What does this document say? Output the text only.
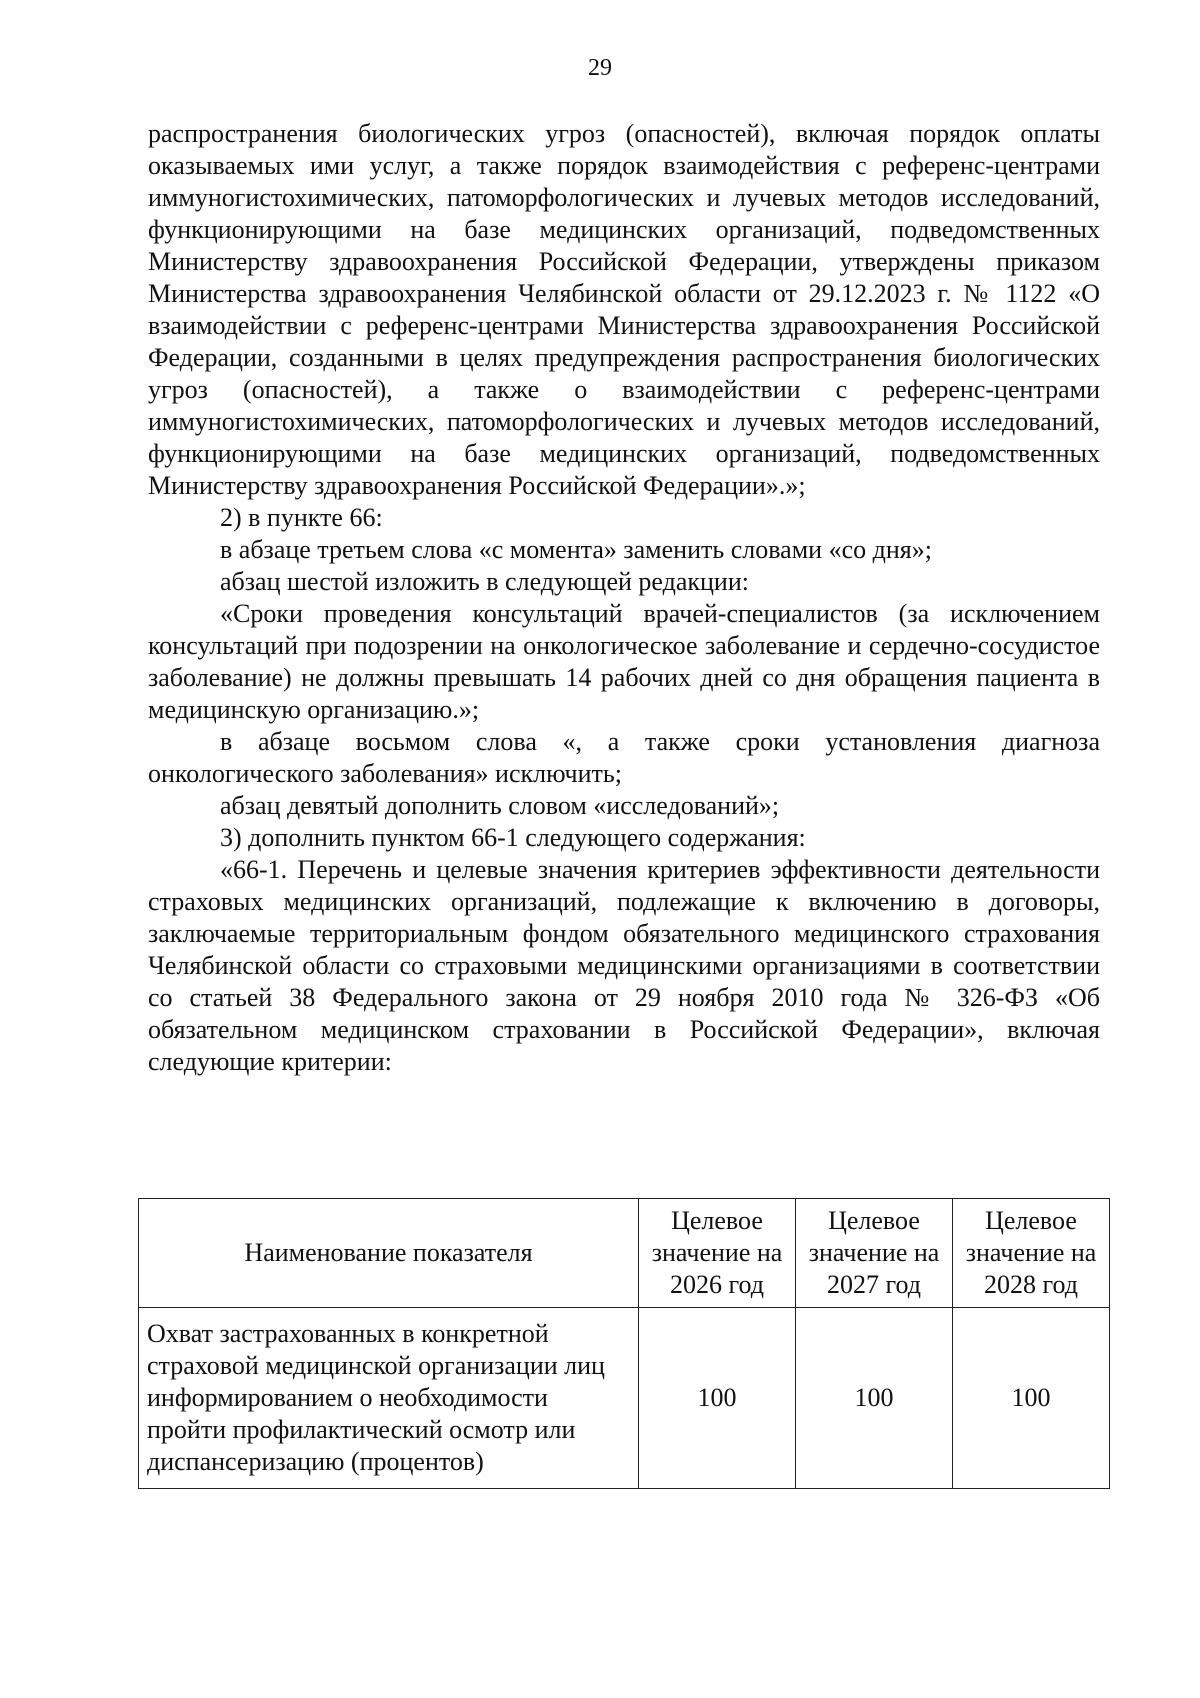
29

распространения биологических угроз (опасностей), включая порядок оплаты оказываемых ими услуг, а также порядок взаимодействия с референс-центрами иммуногистохимических, патоморфологических и лучевых методов исследований, функционирующими на базе медицинских организаций, подведомственных Министерству здравоохранения Российской Федерации, утверждены приказом Министерства здравоохранения Челябинской области от 29.12.2023 г. № 1122 «О взаимодействии с референс-центрами Министерства здравоохранения Российской Федерации, созданными в целях предупреждения распространения биологических угроз (опасностей), а также о взаимодействии с референс-центрами иммуногистохимических, патоморфологических и лучевых методов исследований, функционирующими на базе медицинских организаций, подведомственных Министерству здравоохранения Российской Федерации».»;

2) в пункте 66:

в абзаце третьем слова «с момента» заменить словами «со дня»;

абзац шестой изложить в следующей редакции:

«Сроки проведения консультаций врачей-специалистов (за исключением консультаций при подозрении на онкологическое заболевание и сердечно-сосудистое заболевание) не должны превышать 14 рабочих дней со дня обращения пациента в медицинскую организацию.»;

в абзаце восьмом слова «, а также сроки установления диагноза онкологического заболевания» исключить;

абзац девятый дополнить словом «исследований»;

3) дополнить пунктом 66-1 следующего содержания:

«66-1. Перечень и целевые значения критериев эффективности деятельности страховых медицинских организаций, подлежащие к включению в договоры, заключаемые территориальным фондом обязательного медицинского страхования Челябинской области со страховыми медицинскими организациями в соответствии со статьей 38 Федерального закона от 29 ноября 2010 года № 326-ФЗ «Об обязательном медицинском страховании в Российской Федерации», включая следующие критерии:

Наименование показателя	Целевое значение на 2026 год	Целевое значение на 2027 год	Целевое значение на 2028 год
Охват застрахованных в конкретной страховой медицинской организации лиц информированием о необходимости пройти профилактический осмотр или диспансеризацию (процентов)	100	100	100
